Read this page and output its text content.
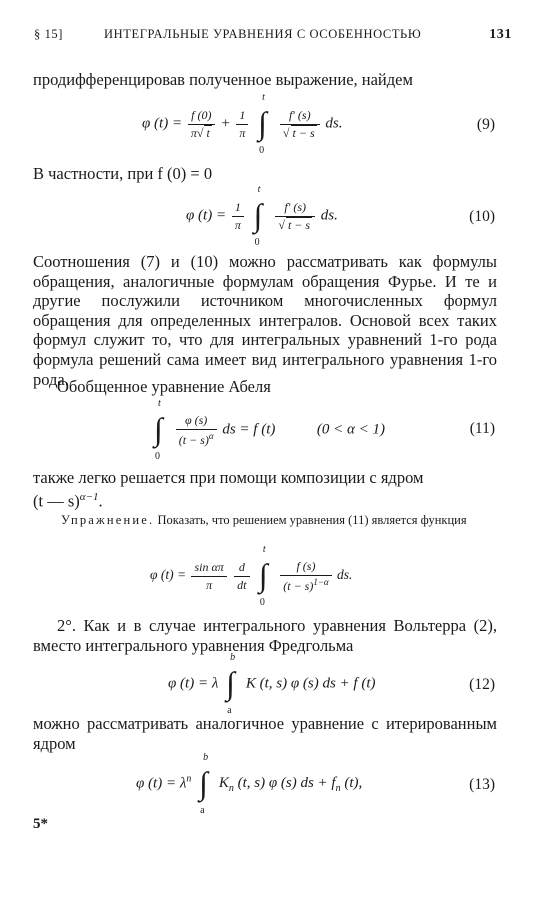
§ 15]	ИНТЕГРАЛЬНЫЕ УРАВНЕНИЯ С ОСОБЕННОСТЬЮ	131
продифференцировав полученное выражение, найдем
φ $(t) = \frac{f (0)}{\pi√ t} + \frac{1}{\pi}$

t
∫
0

$\frac{f' (s)}{√ t - s}$ ds.	(9)
В частности, при f (0) = 0
φ $(t) = \frac{1}{\pi}$

t
∫
0

$\frac{f' (s)}{√ t - s}$ ds.	(10)
Соотношения (7) и (10) можно рассматривать как формулы обращения, аналогичные формулам обращения Фурье. И те и другие послужили источником многочисленных формул обращения для определенных интегралов. Основой всех таких формул служит то, что для интегральных уравнений 1-го рода формула решений сама имеет вид интегрального уравнения 1-го рода.
Обобщенное уравнение Абеля
t
∫
0

$\frac{\varphi (s)}{(t - s)^\alpha}$ ds = f (t)	(0 < α < 1)	(11)
также легко решается при помощи композиции с ядром
(t — s)$^{\alpha-1}$.
Упражнение. Показать, что решением уравнения (11) является функция
φ $(t) = \frac{\text{sin απ}}{\pi}$
$\frac{d}{dt}$

t
∫
0

$\frac{f (s)}{(t - s)^{1-\alpha}}$ ds.
2°. Как и в случае интегрального уравнения Вольтерра (2), вместо интегрального уравнения Фредгольма
φ (t) = λ
b
∫
a
K (t, s) φ (s) ds + f (t)	(12)
можно рассматривать аналогичное уравнение с итерированным ядром
φ $(t) = \lambda^n$
b
∫
a
$K_n$ (t, s) φ (s) ds + $f_n$ (t),	(13)
5*
